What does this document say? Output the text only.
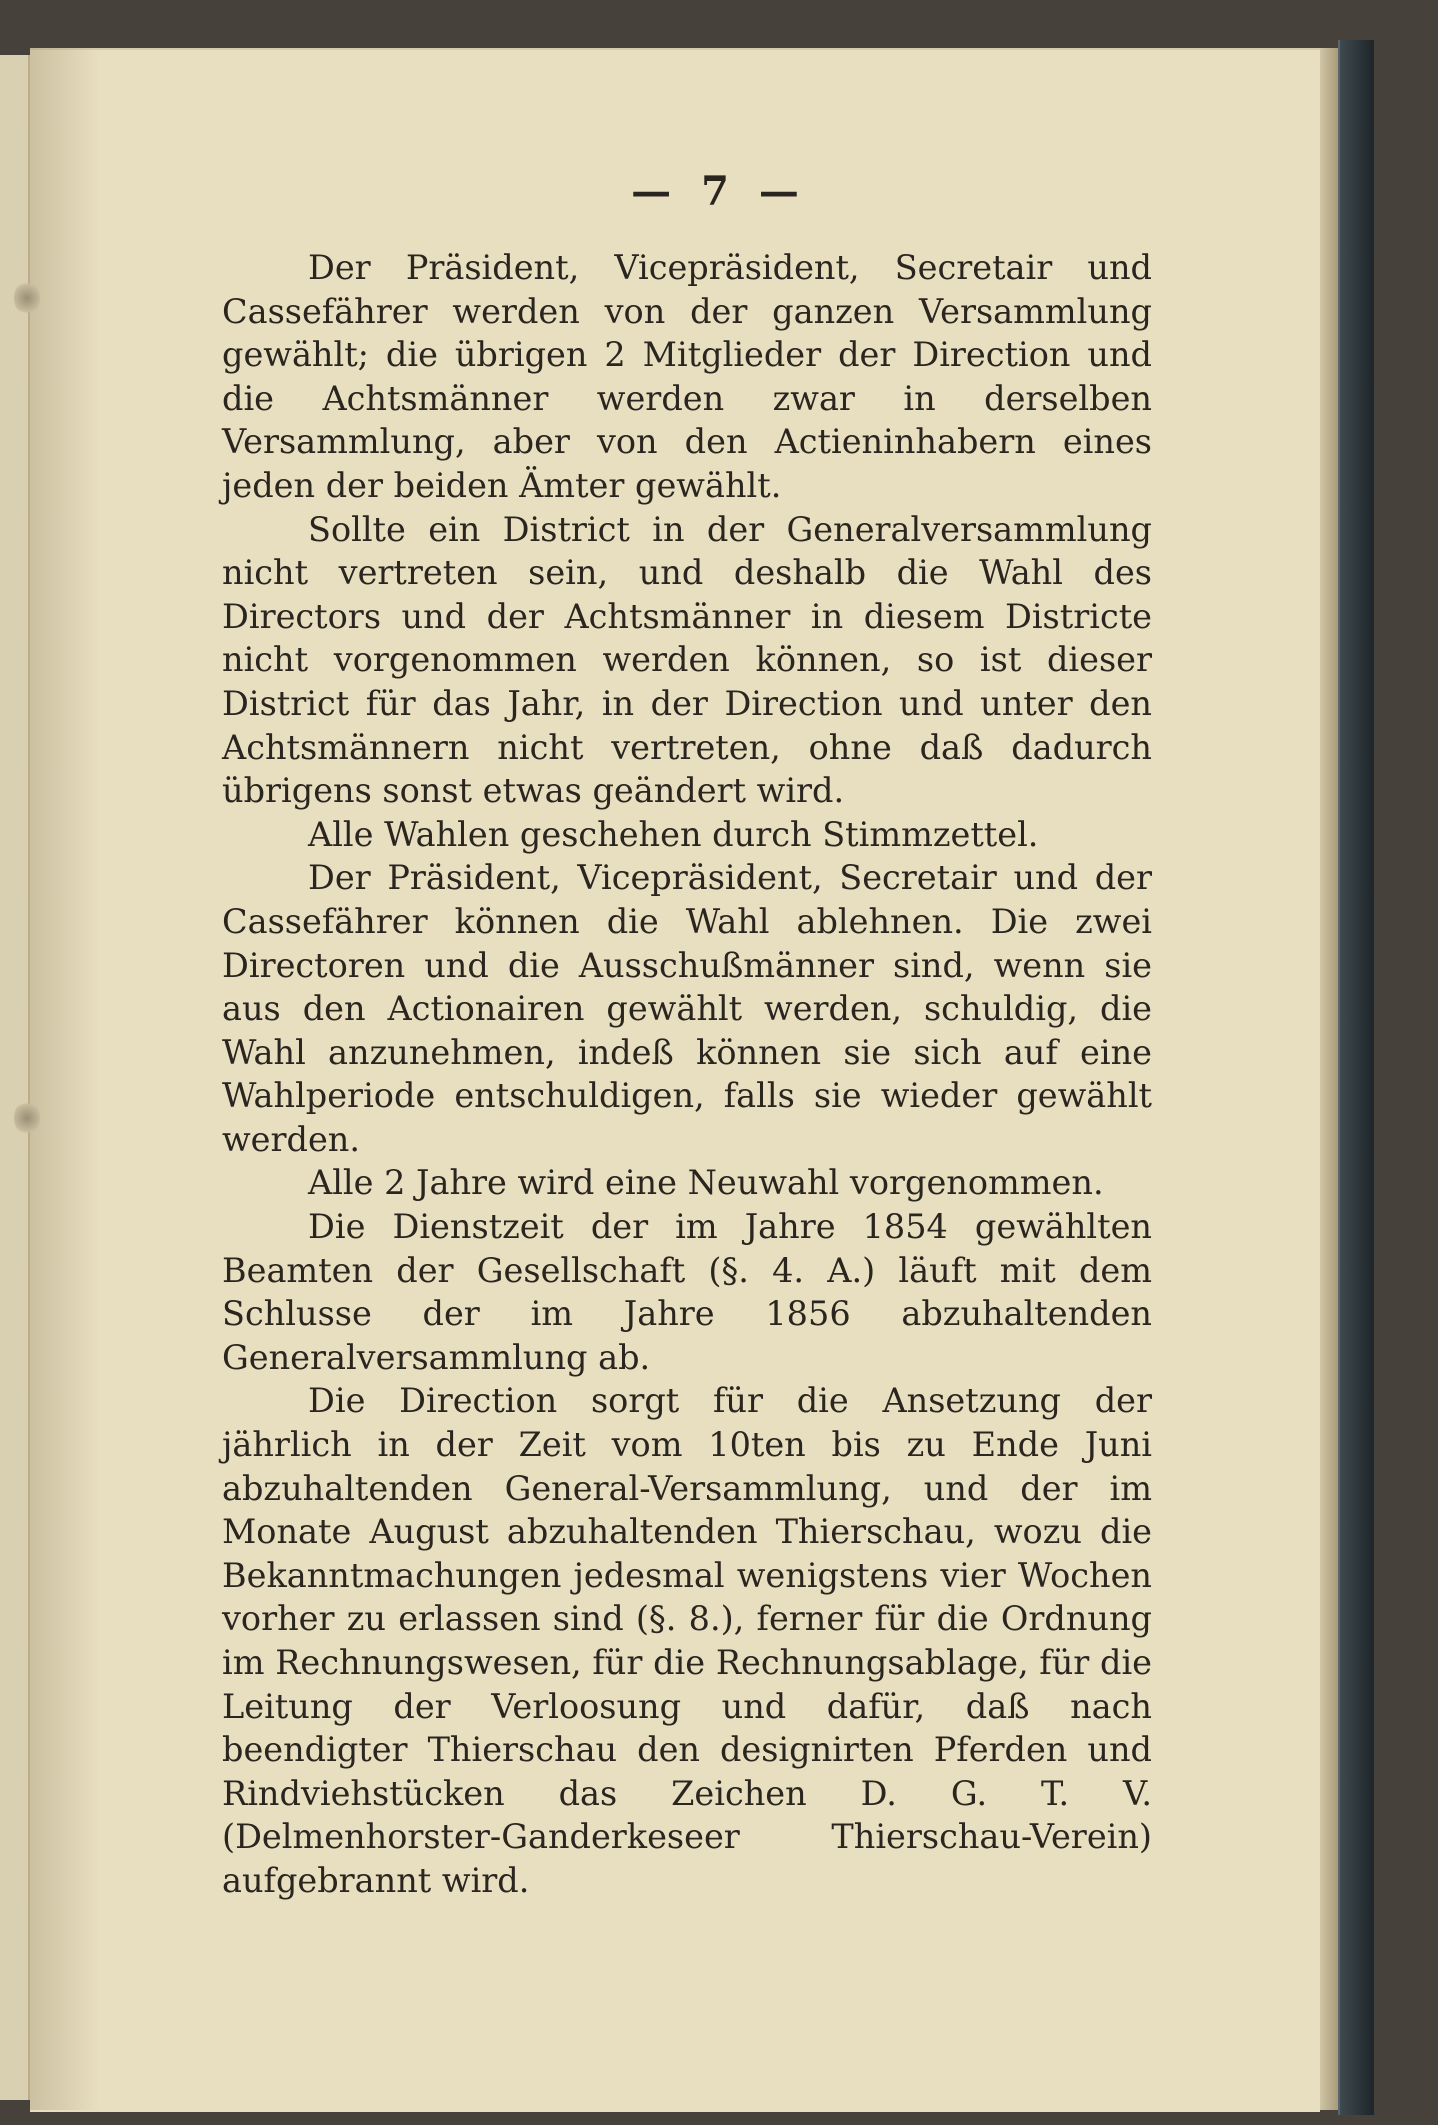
— 7 —

Der Präsident, Vicepräsident, Secretair und Cassefährer werden von der ganzen Versammlung gewählt; die übrigen 2 Mitglieder der Direction und die Achtsmänner werden zwar in derselben Versammlung, aber von den Actieninhabern eines jeden der beiden Ämter gewählt.

Sollte ein District in der Generalversammlung nicht vertreten sein, und deshalb die Wahl des Directors und der Achtsmänner in diesem Districte nicht vorgenommen werden können, so ist dieser District für das Jahr, in der Direction und unter den Achtsmännern nicht vertreten, ohne daß dadurch übrigens sonst etwas geändert wird.

Alle Wahlen geschehen durch Stimmzettel.

Der Präsident, Vicepräsident, Secretair und der Cassefährer können die Wahl ablehnen. Die zwei Directoren und die Ausschußmänner sind, wenn sie aus den Actionairen gewählt werden, schuldig, die Wahl anzunehmen, indeß können sie sich auf eine Wahlperiode entschuldigen, falls sie wieder gewählt werden.

Alle 2 Jahre wird eine Neuwahl vorgenommen.

Die Dienstzeit der im Jahre 1854 gewählten Beamten der Gesellschaft (§. 4. A.) läuft mit dem Schlusse der im Jahre 1856 abzuhaltenden Generalversammlung ab.

Die Direction sorgt für die Ansetzung der jährlich in der Zeit vom 10ten bis zu Ende Juni abzuhaltenden General-Versammlung, und der im Monate August abzuhaltenden Thierschau, wozu die Bekanntmachungen jedesmal wenigstens vier Wochen vorher zu erlassen sind (§. 8.), ferner für die Ordnung im Rechnungswesen, für die Rechnungsablage, für die Leitung der Verloosung und dafür, daß nach beendigter Thierschau den designirten Pferden und Rindviehstücken das Zeichen D. G. T. V. (Delmenhorster-Ganderkeseer Thierschau-Verein) aufgebrannt wird.
